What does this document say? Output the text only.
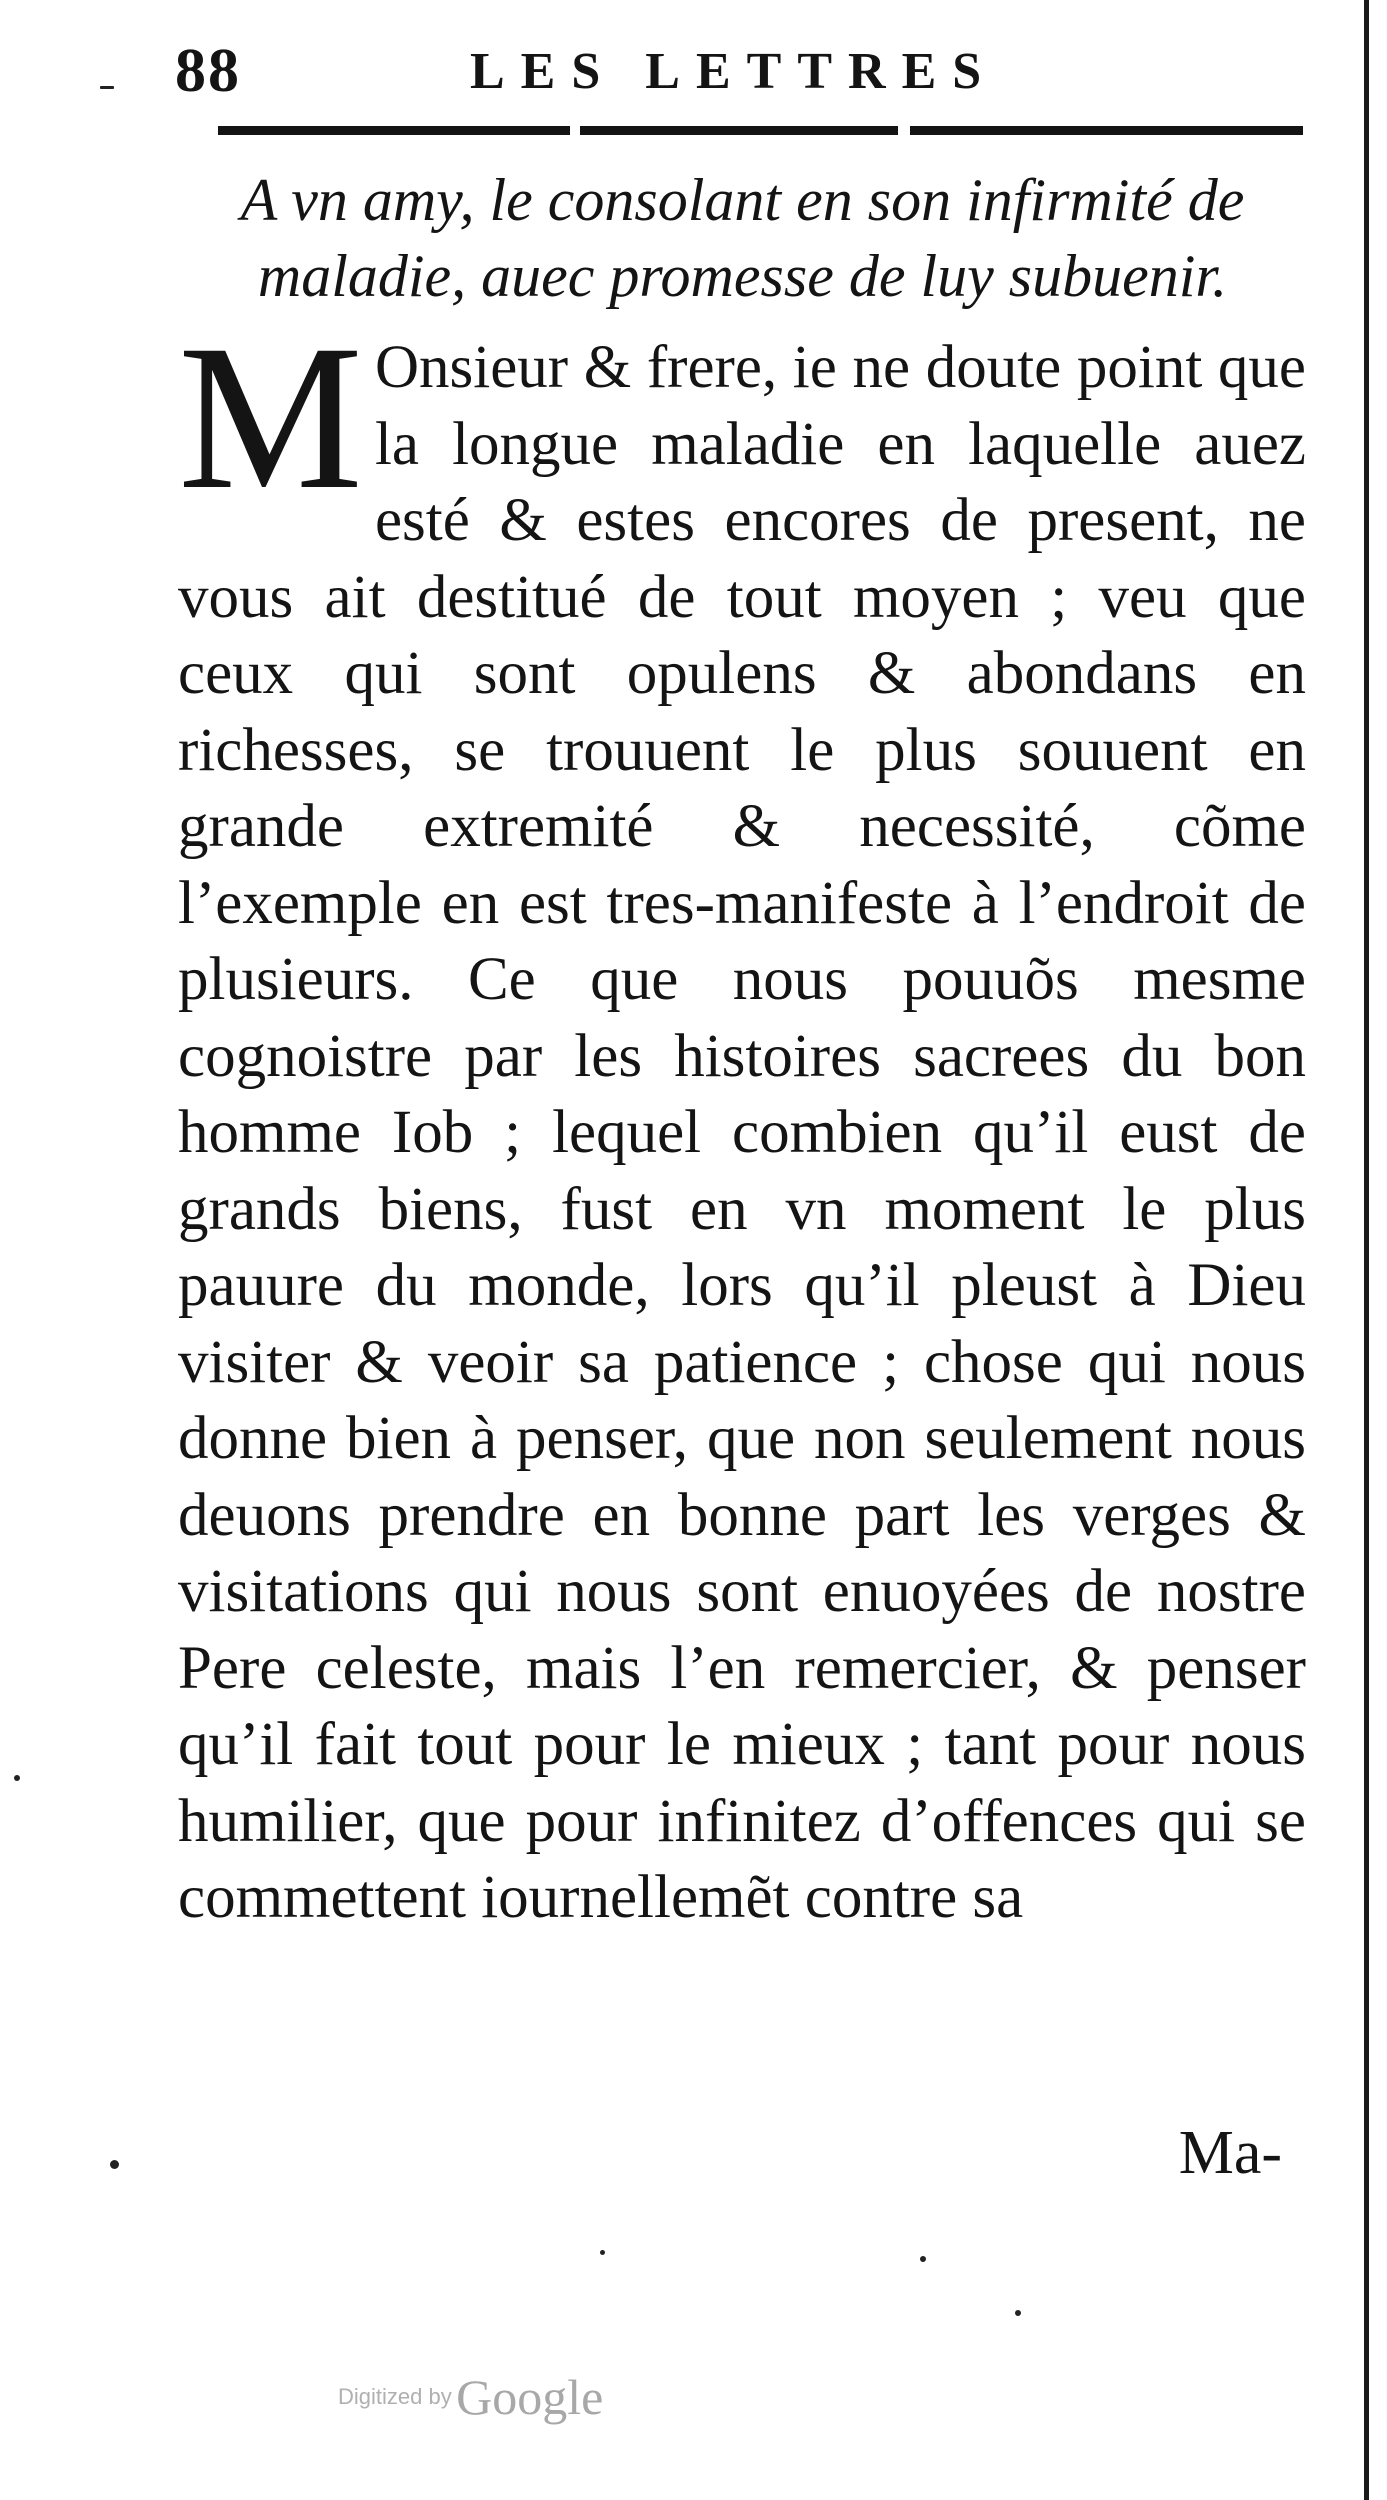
88	LES LETTRES
A vn amy, le consolant en son infirmité de maladie, auec promesse de luy subuenir.
M Onsieur & frere, ie ne doute point que la longue maladie en laquelle auez esté & estes encores de present, ne vous ait destitué de tout moyen ; veu que ceux qui sont opulens & abondans en richesses, se trouuent le plus souuent en grande extremité & necessité, cõme l’exemple en est tres-manifeste à l’endroit de plusieurs. Ce que nous pouuõs mesme cognoistre par les histoires sacrees du bon homme Iob ; lequel combien qu’il eust de grands biens, fust en vn moment le plus pauure du monde, lors qu’il pleust à Dieu visiter & veoir sa patience ; chose qui nous donne bien à penser, que non seulement nous deuons prendre en bonne part les verges & visitations qui nous sont enuoyées de nostre Pere celeste, mais l’en remercier, & penser qu’il fait tout pour le mieux ; tant pour nous humilier, que pour infinitez d’offences qui se commettent iournellemẽt contre sa
Ma-
Digitized by Google
